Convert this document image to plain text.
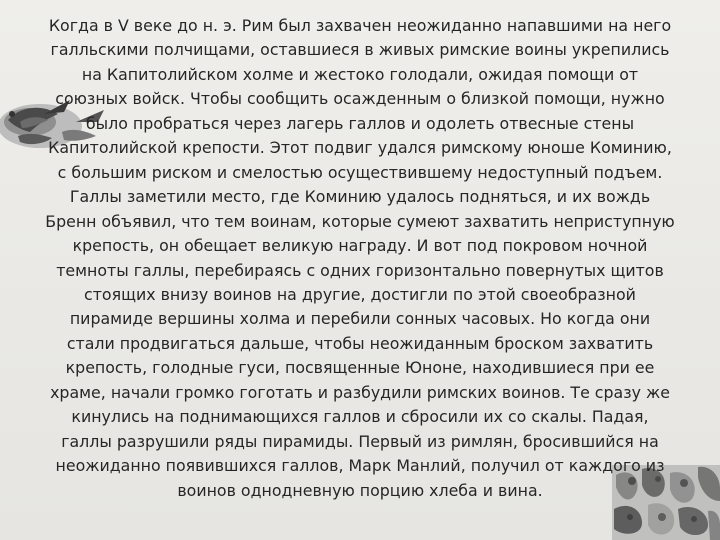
Когда в V веке до н. э. Рим был захвачен неожиданно напавшими на него
галльскими полчищами, оставшиеся в живых римские воины укрепились
на Капитолийском холме и жестоко голодали, ожидая помощи от
союзных войск. Чтобы сообщить осажденным о близкой помощи, нужно
было пробраться через лагерь галлов и одолеть отвесные стены
Капитолийской крепости. Этот подвиг удался римскому юноше Коминию,
с большим риском и смелостью осуществившему недоступный подъем.
Галлы заметили место, где Коминию удалось подняться, и их вождь
Бренн объявил, что тем воинам, которые сумеют захватить неприступную
крепость, он обещает великую награду. И вот под покровом ночной
темноты галлы, перебираясь с одних горизонтально повернутых щитов
стоящих внизу воинов на другие, достигли по этой своеобразной
пирамиде вершины холма и перебили сонных часовых. Но когда они
стали продвигаться дальше, чтобы неожиданным броском захватить
крепость, голодные гуси, посвященные Юноне, находившиеся при ее
храме, начали громко гоготать и разбудили римских воинов. Те сразу же
кинулись на поднимающихся галлов и сбросили их со скалы. Падая,
галлы разрушили ряды пирамиды. Первый из римлян, бросившийся на
неожиданно появившихся галлов, Марк Манлий, получил от каждого из
воинов однодневную порцию хлеба и вина.
